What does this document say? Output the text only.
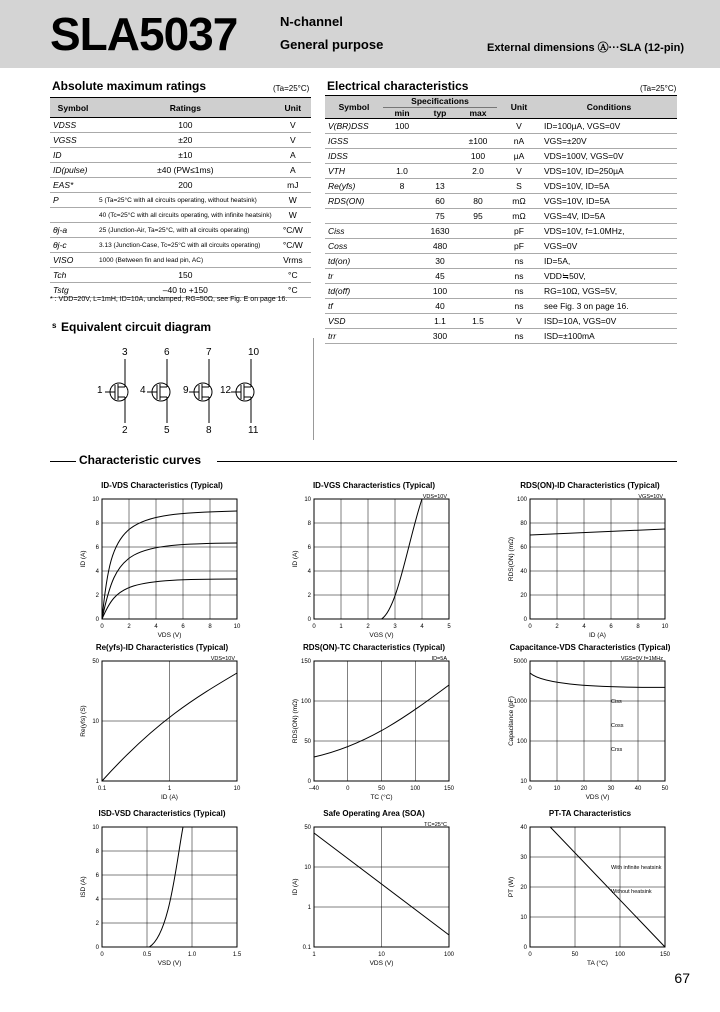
SLA5037	N-channel
General purpose	External dimensions Ⓐ···SLA (12-pin)
Absolute maximum ratings	(Ta=25°C)
Symbol	Ratings	Unit
VDSS	100	V
VGSS	±20	V
ID	±10	A
ID(pulse)	±40 (PW≤1ms)	A
EAS*	200	mJ
P	5 (Ta=25°C with all circuits operating, without heatsink)	W
	40 (Tc=25°C with all circuits operating, with infinite heatsink)	W
θj-a	25 (Junction-Air, Ta=25°C, with all circuits operating)	°C/W
θj-c	3.13 (Junction-Case, Tc=25°C with all circuits operating)	°C/W
VISO	1000 (Between fin and lead pin, AC)	Vrms
Tch	150	°C
Tstg	–40 to +150	°C
* : VDD=20V, L=1mH, ID=10A, unclamped, RG=50Ω, see Fig. E on page 16.
Electrical characteristics	(Ta=25°C)
Symbol	Specifications			Unit	Conditions
	min	typ	max		
V(BR)DSS	100			V	ID=100µA, VGS=0V
IGSS			±100	nA	VGS=±20V
IDSS			100	µA	VDS=100V, VGS=0V
VTH	1.0		2.0	V	VDS=10V, ID=250µA
Re(yfs)	8	13		S	VDS=10V, ID=5A
RDS(ON)		60	80	mΩ	VGS=10V, ID=5A
		75	95	mΩ	VGS=4V, ID=5A
Ciss		1630		pF	VDS=10V, f=1.0MHz,
Coss		480		pF	VGS=0V
td(on)		30		ns	ID=5A,
tr		45		ns	VDD≒50V,
td(off)		100		ns	RG=10Ω, VGS=5V,
tf		40		ns	see Fig. 3 on page 16.
VSD		1.1	1.5	V	ISD=10A, VGS=0V
trr		300		ns	ISD=±100mA
s Equivalent circuit diagram
3	6	7	10
2	5	8	11
1	4	9	12
Characteristic curves
ID-VDS Characteristics (Typical)
0	2	4	6	8	10
0
2
4
6
8
10
VDS (V)
ID (A)
ID-VGS Characteristics (Typical)
0	1	2	3	4	5
0
2
4
6
8
10
VGS (V)
ID (A)
VDS=10V
RDS(ON)-ID Characteristics (Typical)
0	2	4	6	8	10
0
20
40
60
80
100
ID (A)
RDS(ON) (mΩ)
VGS=10V
Re(yfs)-ID Characteristics (Typical)
0.1	1	10
1
10
50
ID (A)
Re(yfs) (S)
VDS=10V
RDS(ON)-TC Characteristics (Typical)
–40	0	50	100	150
0
50
100
150
TC (°C)
RDS(ON) (mΩ)
ID=5A
Capacitance-VDS Characteristics (Typical)
0	10	20	30	40	50
10
100
1000
5000
VDS (V)
Capacitance (pF)
VGS=0V f=1MHz
Ciss
Coss
Crss
ISD-VSD Characteristics (Typical)
0	0.5	1.0	1.5
0
2
4
6
8
10
VSD (V)
ISD (A)
Safe Operating Area (SOA)
1	10	100
0.1
1
10
50
VDS (V)
ID (A)
TC=25°C
PT-TA Characteristics
0	50	100	150
0
10
20
30
40
TA (°C)
PT (W)
With infinite heatsink
Without heatsink
67
